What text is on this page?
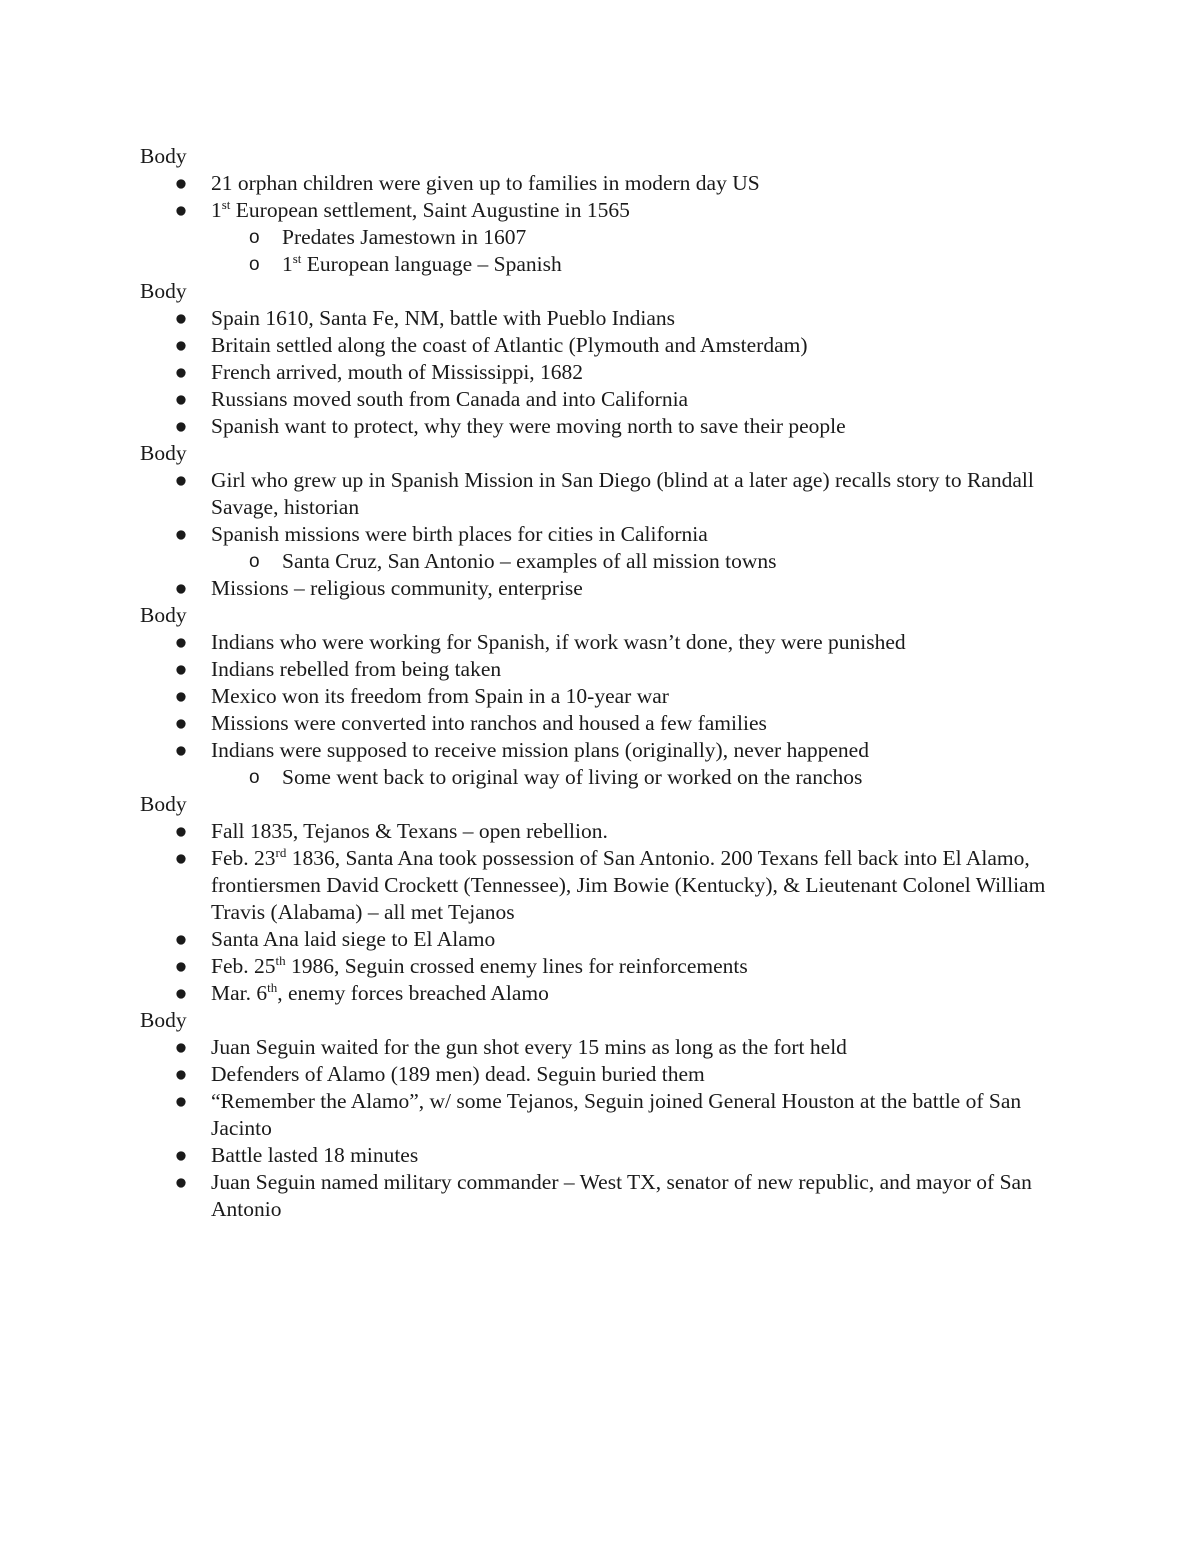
Body
● 21 orphan children were given up to families in modern day US
● 1st European settlement, Saint Augustine in 1565
o Predates Jamestown in 1607
o 1st European language – Spanish
Body
● Spain 1610, Santa Fe, NM, battle with Pueblo Indians
● Britain settled along the coast of Atlantic (Plymouth and Amsterdam)
● French arrived, mouth of Mississippi, 1682
● Russians moved south from Canada and into California
● Spanish want to protect, why they were moving north to save their people
Body
● Girl who grew up in Spanish Mission in San Diego (blind at a later age) recalls story to Randall Savage, historian
● Spanish missions were birth places for cities in California
o Santa Cruz, San Antonio – examples of all mission towns
● Missions – religious community, enterprise
Body
● Indians who were working for Spanish, if work wasn’t done, they were punished
● Indians rebelled from being taken
● Mexico won its freedom from Spain in a 10-year war
● Missions were converted into ranchos and housed a few families
● Indians were supposed to receive mission plans (originally), never happened
o Some went back to original way of living or worked on the ranchos
Body
● Fall 1835, Tejanos & Texans – open rebellion.
● Feb. 23rd 1836, Santa Ana took possession of San Antonio. 200 Texans fell back into El Alamo, frontiersmen David Crockett (Tennessee), Jim Bowie (Kentucky), & Lieutenant Colonel William Travis (Alabama) – all met Tejanos
● Santa Ana laid siege to El Alamo
● Feb. 25th 1986, Seguin crossed enemy lines for reinforcements
● Mar. 6th, enemy forces breached Alamo
Body
● Juan Seguin waited for the gun shot every 15 mins as long as the fort held
● Defenders of Alamo (189 men) dead. Seguin buried them
● “Remember the Alamo”, w/ some Tejanos, Seguin joined General Houston at the battle of San Jacinto
● Battle lasted 18 minutes
● Juan Seguin named military commander – West TX, senator of new republic, and mayor of San Antonio
